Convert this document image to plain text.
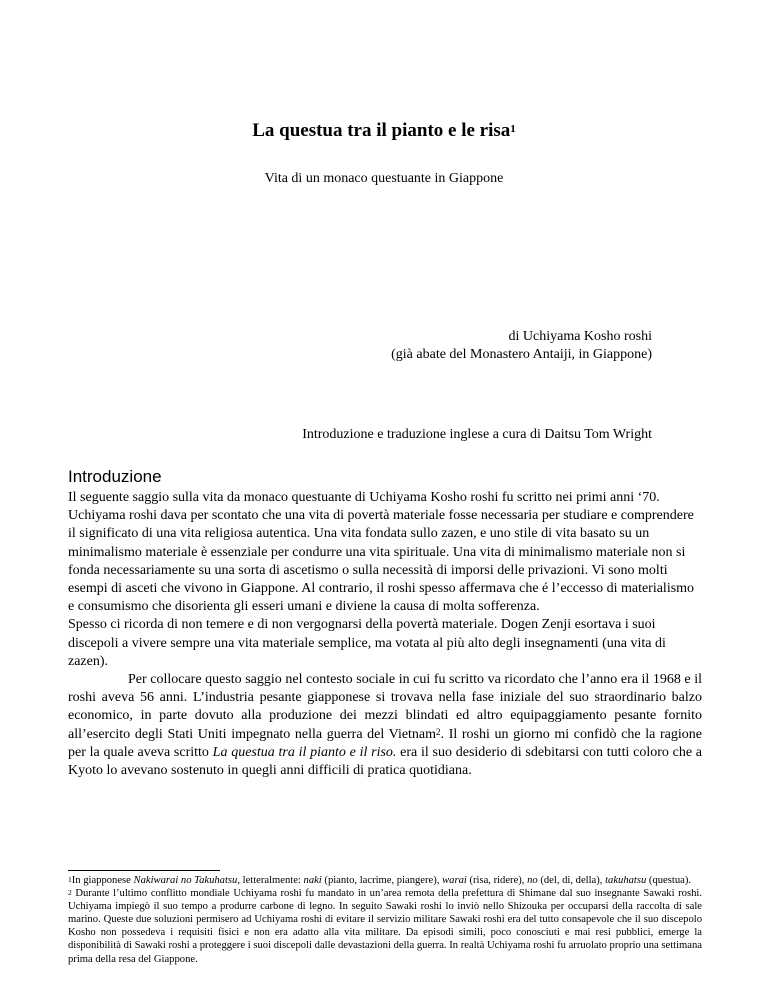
La questua tra il pianto e le risa$^1$
Vita di un monaco questuante in Giappone
di Uchiyama Kosho roshi
(già abate del Monastero Antaiji, in Giappone)
Introduzione e traduzione inglese a cura di Daitsu Tom Wright
Introduzione

Il seguente saggio sulla vita da monaco questuante di Uchiyama Kosho roshi fu scritto nei primi anni ‘70. Uchiyama roshi dava per scontato che una vita di povertà materiale fosse necessaria per studiare e comprendere il significato di una vita religiosa autentica. Una vita fondata sullo zazen, e uno stile di vita basato su un minimalismo materiale è essenziale per condurre una vita spirituale. Una vita di minimalismo materiale non si fonda necessariamente su una sorta di ascetismo o sulla necessità di imporsi delle privazioni. Vi sono molti esempi di asceti che vivono in Giappone. Al contrario, il roshi spesso affermava che é l’eccesso di materialismo e consumismo che disorienta gli esseri umani e diviene la causa di molta sofferenza.

Spesso ci ricorda di non temere e di non vergognarsi della povertà materiale. Dogen Zenji esortava i suoi discepoli a vivere sempre una vita materiale semplice, ma votata al più alto degli insegnamenti (una vita di zazen).

Per collocare questo saggio nel contesto sociale in cui fu scritto va ricordato che l’anno era il 1968 e il roshi aveva 56 anni. L’industria pesante giapponese si trovava nella fase iniziale del suo straordinario balzo economico, in parte dovuto alla produzione dei mezzi blindati ed altro equipaggiamento pesante fornito all’esercito degli Stati Uniti impegnato nella guerra del Vietnam$^2$. Il roshi un giorno mi confidò che la ragione per la quale aveva scritto La questua tra il pianto e il riso. era il suo desiderio di sdebitarsi con tutti coloro che a Kyoto lo avevano sostenuto in quegli anni difficili di pratica quotidiana.

$^1$In giapponese Nakiwarai no Takuhatsu, letteralmente: naki (pianto, lacrime, piangere), warai (risa, ridere), no (del, di, della), takuhatsu (questua).

$^2$ Durante l’ultimo conflitto mondiale Uchiyama roshi fu mandato in un’area remota della prefettura di Shimane dal suo insegnante Sawaki roshi. Uchiyama impiegò il suo tempo a produrre carbone di legno. In seguito Sawaki roshi lo inviò nello Shizouka per occuparsi della raccolta di sale marino. Queste due soluzioni permisero ad Uchiyama roshi di evitare il servizio militare Sawaki roshi era del tutto consapevole che il suo discepolo Kosho non possedeva i requisiti fisici e non era adatto alla vita militare. Da episodi simili, poco conosciuti e mai resi pubblici, emerge la disponibilità di Sawaki roshi a proteggere i suoi discepoli dalle devastazioni della guerra. In realtà Uchiyama roshi fu arruolato proprio una settimana prima della resa del Giappone.
